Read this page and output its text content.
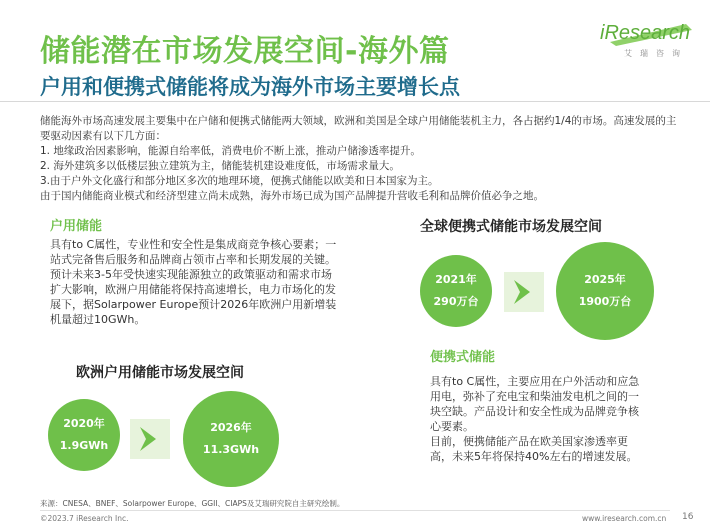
储能潜在市场发展空间-海外篇
户用和便携式储能将成为海外市场主要增长点
iResearch
艾瑞咨询

储能海外市场高速发展主要集中在户储和便携式储能两大领域，欧洲和美国是全球户用储能装机主力，各占据约1/4的市场。高速发展的主要驱动因素有以下几方面：

1. 地缘政治因素影响，能源自给率低，消费电价不断上涨，推动户储渗透率提升。

2. 海外建筑多以低楼层独立建筑为主，储能装机建设难度低，市场需求量大。

3.由于户外文化盛行和部分地区多次的地理环境，便携式储能以欧美和日本国家为主。

由于国内储能商业模式和经济型建立尚未成熟，海外市场已成为国产品牌提升营收毛利和品牌价值必争之地。

户用储能
具有to C属性，专业性和安全性是集成商竞争核心要素；一站式完备售后服务和品牌商占领市占率和长期发展的关键。
预计未来3-5年受快速实现能源独立的政策驱动和需求市场扩大影响，欧洲户用储能将保持高速增长，电力市场化的发展下，据Solarpower Europe预计2026年欧洲户用新增装机量超过10GWh。
欧洲户用储能市场发展空间
2020年
1.9GWh
2026年
11.3GWh
全球便携式储能市场发展空间
2021年
290万台
2025年
1900万台
便携式储能
具有to C属性，主要应用在户外活动和应急用电，弥补了充电宝和柴油发电机之间的一块空缺。产品设计和安全性成为品牌竞争核心要素。
目前，便携储能产品在欧美国家渗透率更高，未来5年将保持40%左右的增速发展。
来源：CNESA、BNEF、Solarpower Europe、GGII、CIAPS及艾瑞研究院自主研究绘制。
©2023.7 iResearch Inc.	www.iresearch.com.cn 16
